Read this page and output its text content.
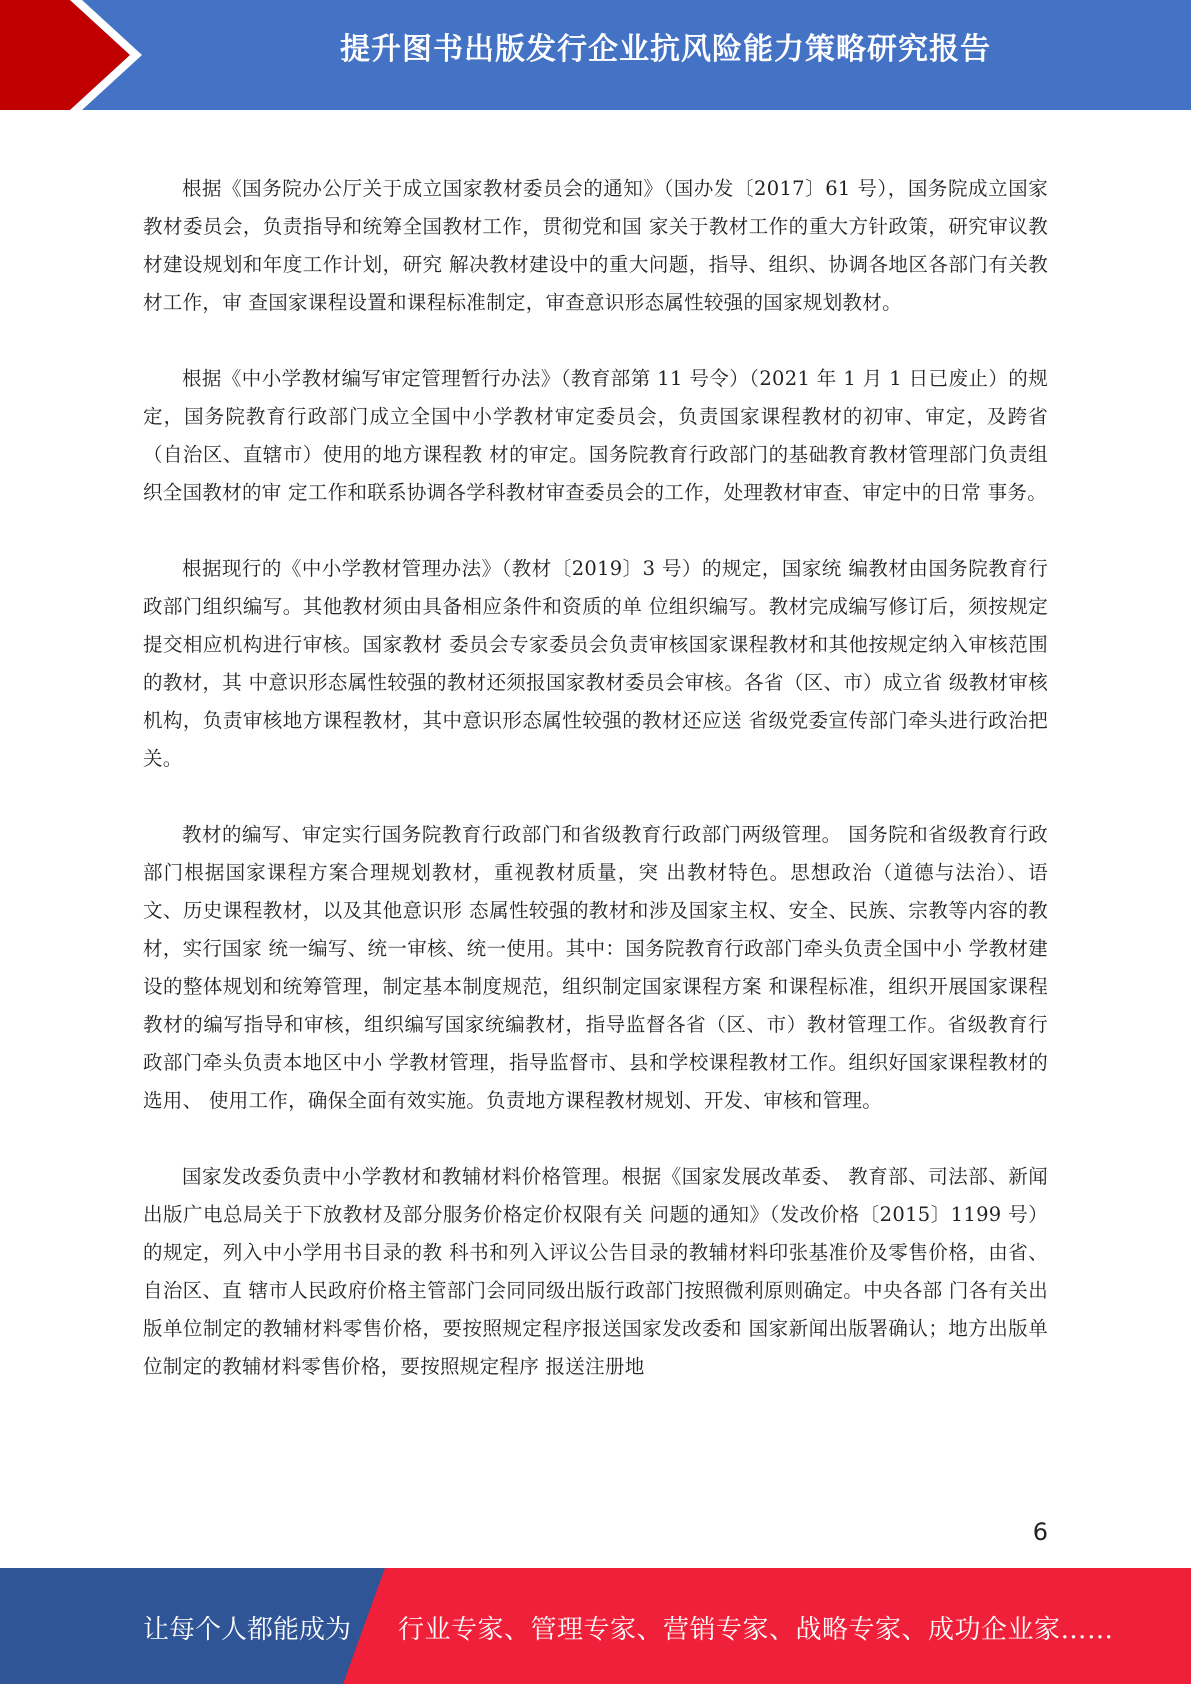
提升图书出版发行企业抗风险能力策略研究报告

根据《国务院办公厅关于成立国家教材委员会的通知》（国办发〔2017〕61 号），国务院成立国家教材委员会，负责指导和统筹全国教材工作，贯彻党和国 家关于教材工作的重大方针政策，研究审议教材建设规划和年度工作计划，研究 解决教材建设中的重大问题，指导、组织、协调各地区各部门有关教材工作，审 查国家课程设置和课程标准制定，审查意识形态属性较强的国家规划教材。

根据《中小学教材编写审定管理暂行办法》（教育部第 11 号令）（2021 年 1 月 1 日已废止）的规定，国务院教育行政部门成立全国中小学教材审定委员会，负责国家课程教材的初审、审定，及跨省（自治区、直辖市）使用的地方课程教 材的审定。国务院教育行政部门的基础教育教材管理部门负责组织全国教材的审 定工作和联系协调各学科教材审查委员会的工作，处理教材审查、审定中的日常 事务。

根据现行的《中小学教材管理办法》（教材〔2019〕3 号）的规定，国家统 编教材由国务院教育行政部门组织编写。其他教材须由具备相应条件和资质的单 位组织编写。教材完成编写修订后，须按规定提交相应机构进行审核。国家教材 委员会专家委员会负责审核国家课程教材和其他按规定纳入审核范围的教材，其 中意识形态属性较强的教材还须报国家教材委员会审核。各省（区、市）成立省 级教材审核机构，负责审核地方课程教材，其中意识形态属性较强的教材还应送 省级党委宣传部门牵头进行政治把关。

教材的编写、审定实行国务院教育行政部门和省级教育行政部门两级管理。 国务院和省级教育行政部门根据国家课程方案合理规划教材，重视教材质量，突 出教材特色。思想政治（道德与法治）、语文、历史课程教材，以及其他意识形 态属性较强的教材和涉及国家主权、安全、民族、宗教等内容的教材，实行国家 统一编写、统一审核、统一使用。其中：国务院教育行政部门牵头负责全国中小 学教材建设的整体规划和统筹管理，制定基本制度规范，组织制定国家课程方案 和课程标准，组织开展国家课程教材的编写指导和审核，组织编写国家统编教材，指导监督各省（区、市）教材管理工作。省级教育行政部门牵头负责本地区中小 学教材管理，指导监督市、县和学校课程教材工作。组织好国家课程教材的选用、 使用工作，确保全面有效实施。负责地方课程教材规划、开发、审核和管理。

国家发改委负责中小学教材和教辅材料价格管理。根据《国家发展改革委、 教育部、司法部、新闻出版广电总局关于下放教材及部分服务价格定价权限有关 问题的通知》（发改价格〔2015〕1199 号）的规定，列入中小学用书目录的教 科书和列入评议公告目录的教辅材料印张基准价及零售价格，由省、自治区、直 辖市人民政府价格主管部门会同同级出版行政部门按照微利原则确定。中央各部 门各有关出版单位制定的教辅材料零售价格，要按照规定程序报送国家发改委和 国家新闻出版署确认；地方出版单位制定的教辅材料零售价格，要按照规定程序 报送注册地

6
让每个人都能成为 行业专家、管理专家、营销专家、战略专家、成功企业家……
